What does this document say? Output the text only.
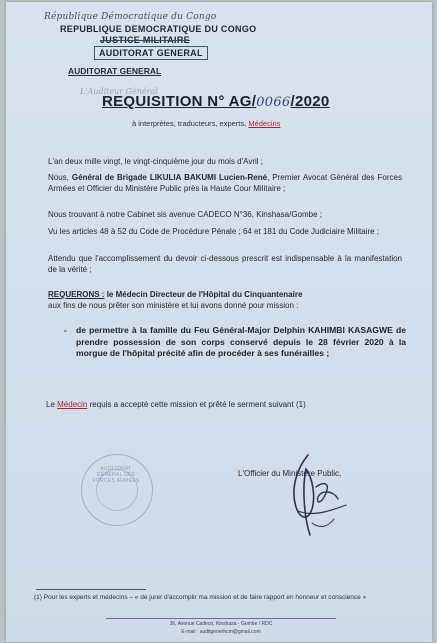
République Démocratique du Congo
REPUBLIQUE DEMOCRATIQUE DU CONGO
JUSTICE MILITAIRE
AUDITORAT GENERAL
AUDITORAT GENERAL
L'Auditeur Général
REQUISITION N° AG/0066/2020
à interprètes, traducteurs, experts, Médecins
L'an deux mille vingt, le vingt-cinquième jour du mois d'Avril ;
Nous, Général de Brigade LIKULIA BAKUMI Lucien-René, Premier Avocat Général des Forces Armées et Officier du Ministère Public près la Haute Cour Militaire ;
Nous trouvant à notre Cabinet sis avenue CADECO N°36, Kinshasa/Gombe ;
Vu les articles 48 à 52 du Code de Procédure Pénale ; 64 et 181 du Code Judiciaire Militaire ;
Attendu que l'accomplissement du devoir ci-dessous prescrit est indispensable à la manifestation de la vérité ;
REQUERONS : le Médecin Directeur de l'Hôpital du Cinquantenaire
aux fins de nous prêter son ministère et lui avons donné pour mission :
-	de permettre à la famille du Feu Général-Major Delphin KAHIMBI KASAGWE de prendre possession de son corps conservé depuis le 28 février 2020 à la morgue de l'hôpital précité afin de procéder à ses funérailles ;
Le Médecin requis a accepté cette mission et prêté le serment suivant (1)
AUDITORAT GÉNÉRAL DES FORCES ARMÉES
L'Officier du Ministère Public,
(1) Pour les experts et médecins – « de jurer d'accomplir ma mission et de faire rapport en honneur et conscience »
36, Avenue Cadeco, Kinshasa - Gombe / RDC
E-mail : auditgenerhcm@gmail.com
